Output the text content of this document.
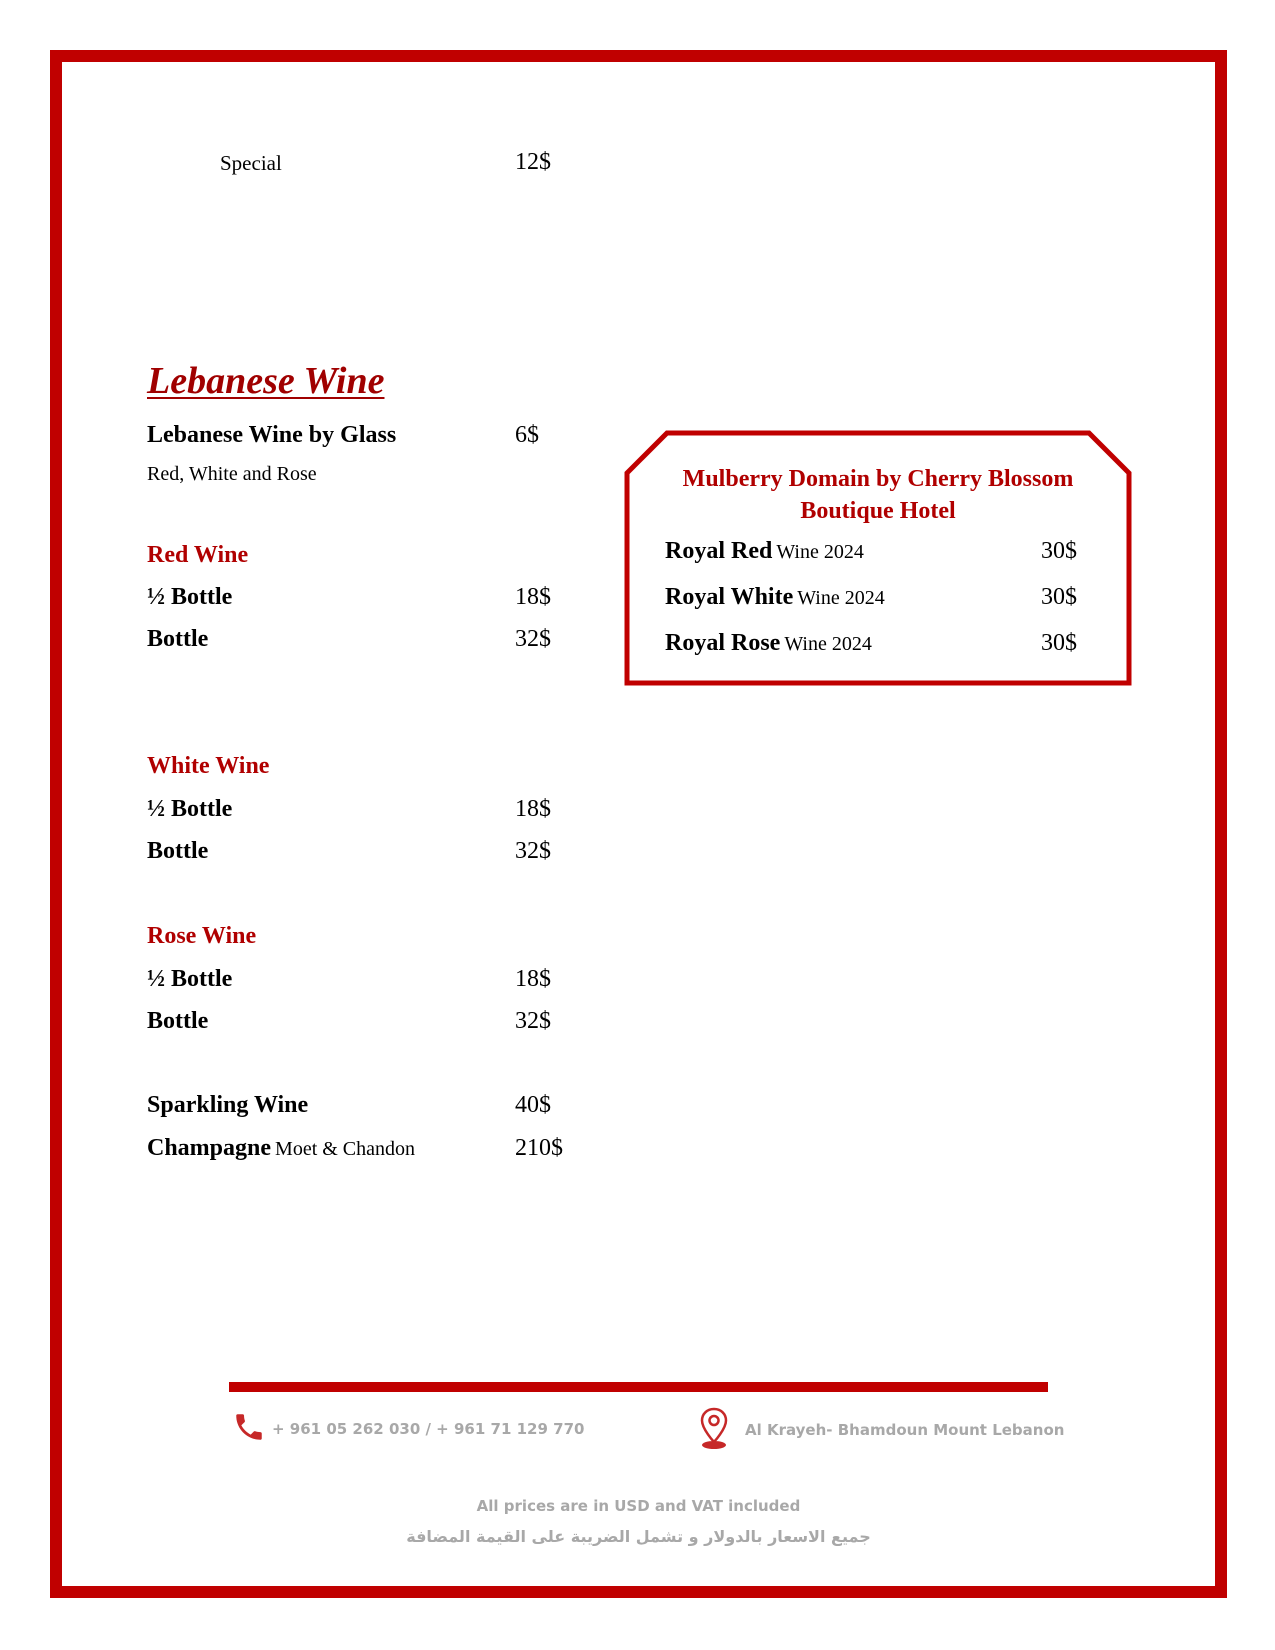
Special	12$
Lebanese Wine
Lebanese Wine by Glass	6$
Red, White and Rose
Red Wine
½ Bottle	18$
Bottle	32$
White Wine
½ Bottle	18$
Bottle	32$
Rose Wine
½ Bottle	18$
Bottle	32$
Sparkling Wine	40$
Champagne Moet & Chandon	210$
Mulberry Domain by Cherry Blossom
Boutique Hotel
Royal Red Wine 2024	30$
Royal White Wine 2024	30$
Royal Rose Wine 2024	30$
+ 961 05 262 030 / + 961 71 129 770	Al Krayeh- Bhamdoun Mount Lebanon
All prices are in USD and VAT included
جميع الاسعار بالدولار و تشمل الضريبة على القيمة المضافة
